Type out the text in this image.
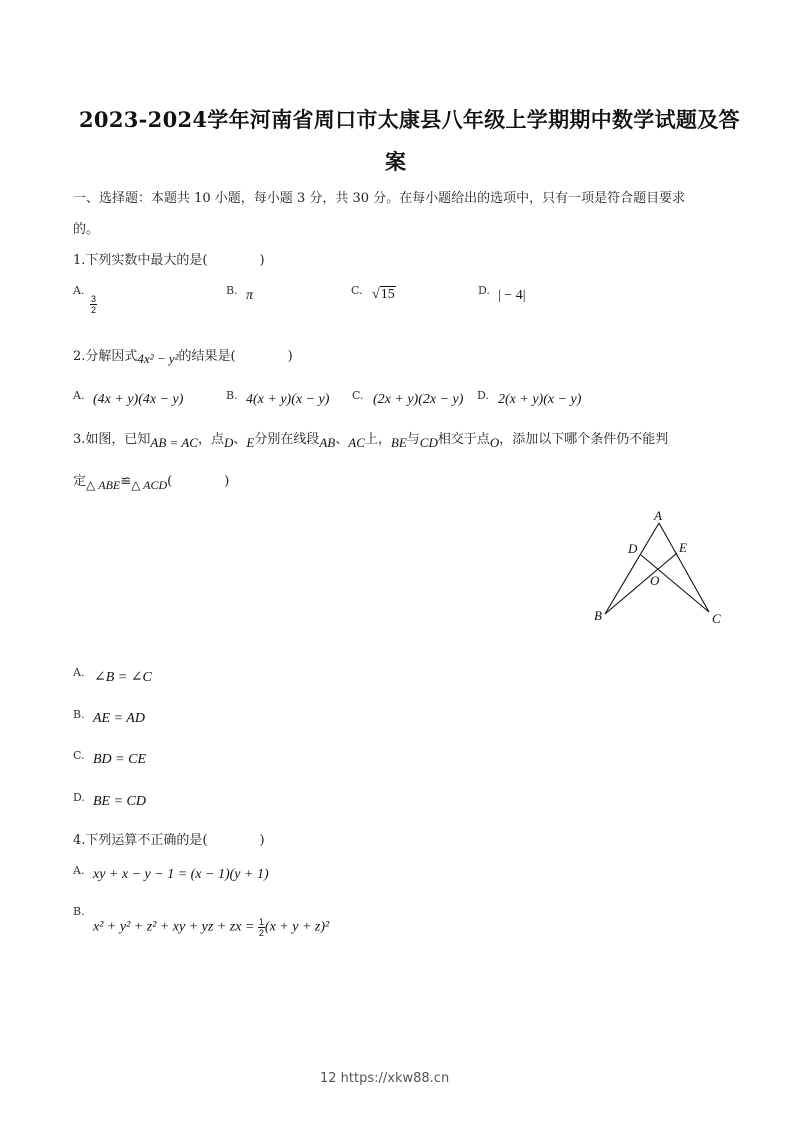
2023-2024学年河南省周口市太康县八年级上学期期中数学试题及答
案
一、选择题：本题共 10 小题，每小题 3 分，共 30 分。在每小题给出的选项中，只有一项是符合题目要求
的。
1.下列实数中最大的是(	)
A.
$\frac{3}{2}$
B. π	C. √15	D. | − 4|
2.分解因式4x² − y²的结果是(	)
A. (4x + y)(4x − y)	B. 4(x + y)(x − y) C. (2x + y)(2x − y) D. 2(x + y)(x − y)
3.如图，已知AB = AC，点D、E分别在线段AB、AC上，BE与CD相交于点O，添加以下哪个条件仍不能判
定△ ABE≌△ ACD(	)
A
D	E
O
B	C
A. ∠B = ∠C
B. AE = AD
C. BD = CE
D. BE = CD
4.下列运算不正确的是(	)
A. xy + x − y − 1 = (x − 1)(y + 1)
B.
x² + y² + z² + xy + yz + zx = $\frac{1}{2} (x + y + z)^2$
12 https://xkw88.cn
